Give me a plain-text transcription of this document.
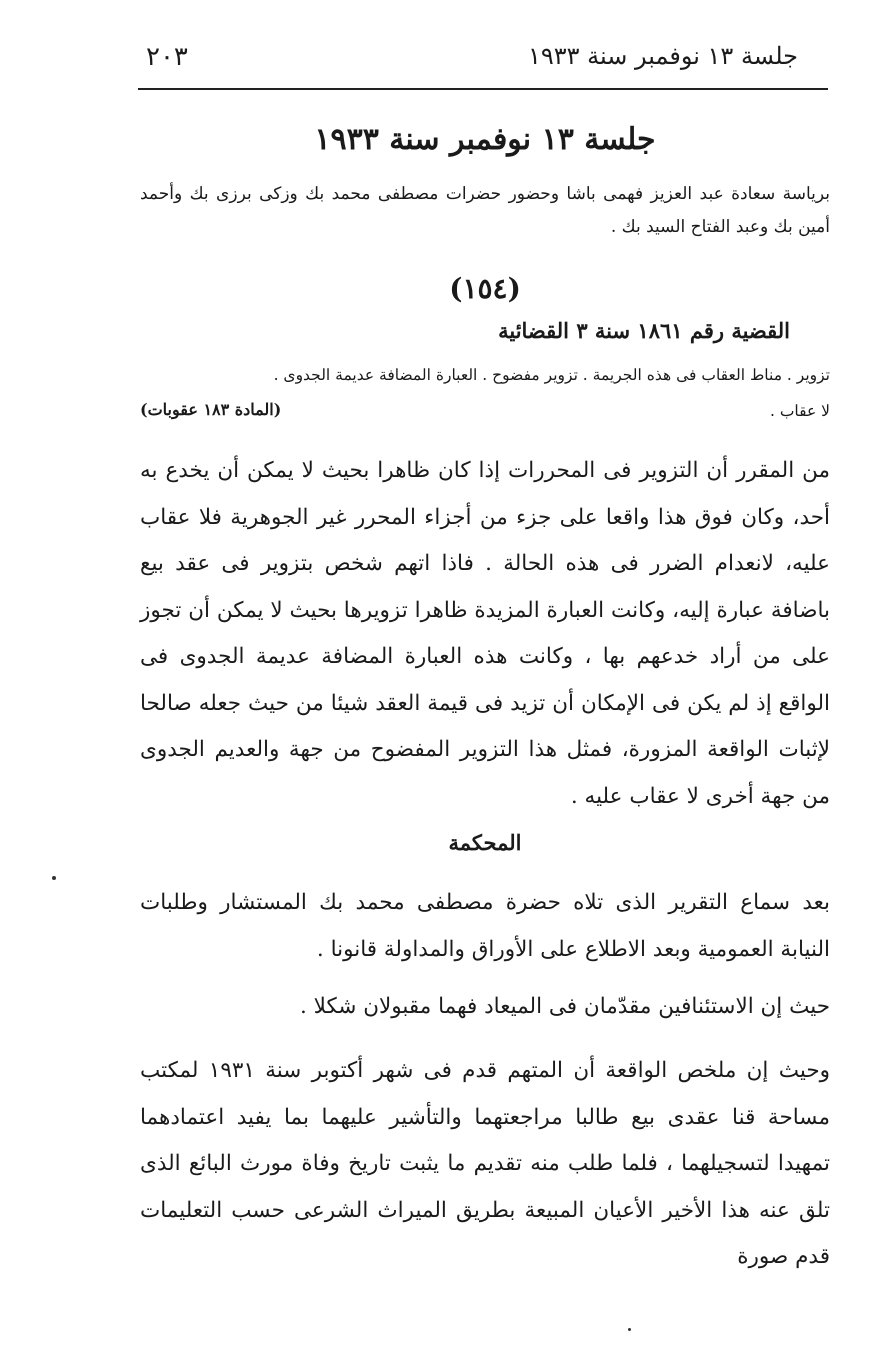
٢٠٣	جلسة ١٣ نوفمبر سنة ١٩٣٣
جلسة ١٣ نوفمبر سنة ١٩٣٣
برياسة سعادة عبد العزيز فهمى باشا وحضور حضرات مصطفى محمد بك وزكى برزى بك وأحمد أمين بك وعبد الفتاح السيد بك .
(١٥٤)
القضية رقم ١٨٦١ سنة ٣ القضائية
تزوير . مناط العقاب فى هذه الجريمة . تزوير مفضوح . العبارة المضافة عديمة الجدوى .
لا عقاب .
(المادة ١٨٣ عقوبات)
من المقرر أن التزوير فى المحررات إذا كان ظاهرا بحيث لا يمكن أن يخدع به أحد، وكان فوق هذا واقعا على جزء من أجزاء المحرر غير الجوهرية فلا عقاب عليه، لانعدام الضرر فى هذه الحالة . فاذا اتهم شخص بتزوير فى عقد بيع باضافة عبارة إليه، وكانت العبارة المزيدة ظاهرا تزويرها بحيث لا يمكن أن تجوز على من أراد خدعهم بها ، وكانت هذه العبارة المضافة عديمة الجدوى فى الواقع إذ لم يكن فى الإمكان أن تزيد فى قيمة العقد شيئا من حيث جعله صالحا لإثبات الواقعة المزورة، فمثل هذا التزوير المفضوح من جهة والعديم الجدوى من جهة أخرى لا عقاب عليه .
المحكمة
بعد سماع التقرير الذى تلاه حضرة مصطفى محمد بك المستشار وطلبات النيابة العمومية وبعد الاطلاع على الأوراق والمداولة قانونا .
حيث إن الاستئنافين مقدّمان فى الميعاد فهما مقبولان شكلا .
وحيث إن ملخص الواقعة أن المتهم قدم فى شهر أكتوبر سنة ١٩٣١ لمكتب مساحة قنا عقدى بيع طالبا مراجعتهما والتأشير عليهما بما يفيد اعتمادهما تمهيدا لتسجيلهما ، فلما طلب منه تقديم ما يثبت تاريخ وفاة مورث البائع الذى تلق عنه هذا الأخير الأعيان المبيعة بطريق الميراث الشرعى حسب التعليمات قدم صورة
